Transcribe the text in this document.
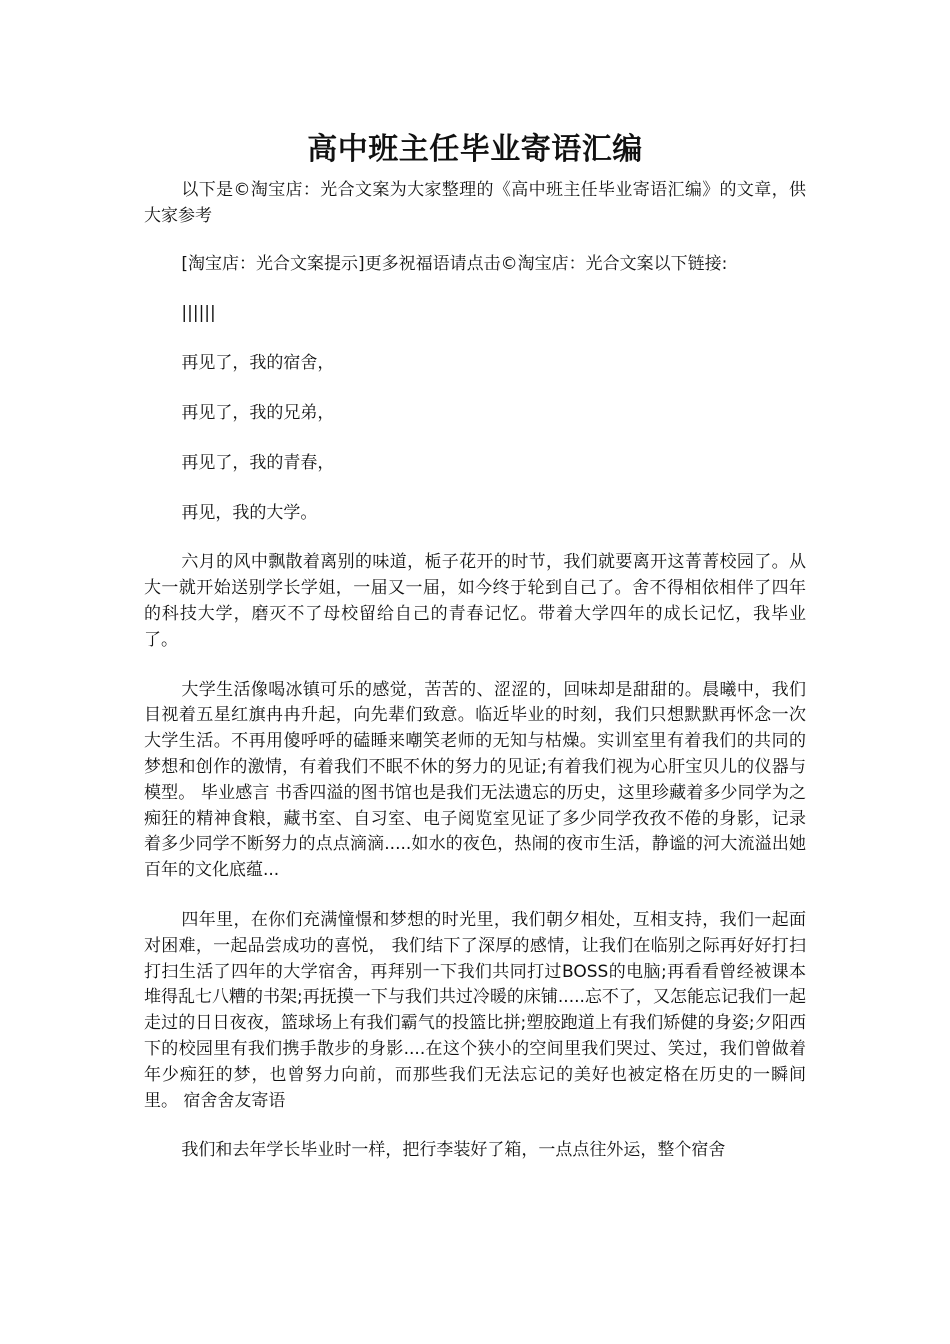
高中班主任毕业寄语汇编

以下是©淘宝店：光合文案为大家整理的《高中班主任毕业寄语汇编》的文章，供大家参考

[淘宝店：光合文案提示]更多祝福语请点击©淘宝店：光合文案以下链接:

||||||

再见了，我的宿舍，

再见了，我的兄弟，

再见了，我的青春，

再见，我的大学。

六月的风中飘散着离别的味道，栀子花开的时节，我们就要离开这菁菁校园了。从大一就开始送别学长学姐，一届又一届，如今终于轮到自己了。舍不得相依相伴了四年的科技大学，磨灭不了母校留给自己的青春记忆。带着大学四年的成长记忆，我毕业了。

大学生活像喝冰镇可乐的感觉，苦苦的、涩涩的，回味却是甜甜的。晨曦中，我们目视着五星红旗冉冉升起，向先辈们致意。临近毕业的时刻，我们只想默默再怀念一次大学生活。不再用傻呼呼的磕睡来嘲笑老师的无知与枯燥。实训室里有着我们的共同的梦想和创作的激情，有着我们不眠不休的努力的见证;有着我们视为心肝宝贝儿的仪器与模型。 毕业感言 书香四溢的图书馆也是我们无法遗忘的历史，这里珍藏着多少同学为之痴狂的精神食粮，藏书室、自习室、电子阅览室见证了多少同学孜孜不倦的身影，记录着多少同学不断努力的点点滴滴.....如水的夜色，热闹的夜市生活，静谧的河大流溢出她百年的文化底蕴...

四年里，在你们充满憧憬和梦想的时光里，我们朝夕相处，互相支持，我们一起面对困难，一起品尝成功的喜悦， 我们结下了深厚的感情，让我们在临别之际再好好打扫打扫生活了四年的大学宿舍，再拜别一下我们共同打过BOSS的电脑;再看看曾经被课本堆得乱七八糟的书架;再抚摸一下与我们共过冷暖的床铺.....忘不了，又怎能忘记我们一起走过的日日夜夜，篮球场上有我们霸气的投篮比拼;塑胶跑道上有我们矫健的身姿;夕阳西下的校园里有我们携手散步的身影....在这个狭小的空间里我们哭过、笑过，我们曾做着年少痴狂的梦，也曾努力向前，而那些我们无法忘记的美好也被定格在历史的一瞬间里。 宿舍舍友寄语

我们和去年学长毕业时一样，把行李装好了箱，一点点往外运，整个宿舍
